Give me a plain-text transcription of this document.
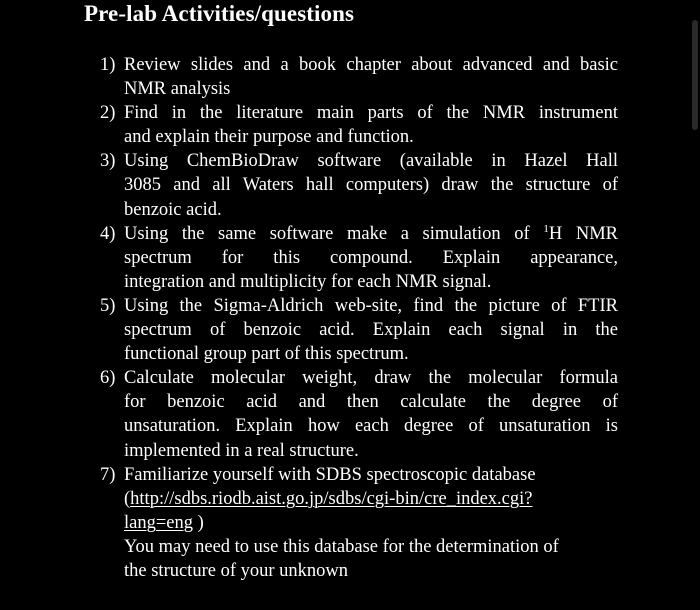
Pre-lab Activities/questions
1) Review slides and a book chapter about advanced and basic
NMR analysis
2) Find in the literature main parts of the NMR instrument
and explain their purpose and function.
3) Using ChemBioDraw software (available in Hazel Hall
3085 and all Waters hall computers) draw the structure of
benzoic acid.
4) Using the same software make a simulation of $^1$H NMR
spectrum for this compound. Explain appearance,
integration and multiplicity for each NMR signal.
5) Using the Sigma-Aldrich web-site, find the picture of FTIR
spectrum of benzoic acid. Explain each signal in the
functional group part of this spectrum.
6) Calculate molecular weight, draw the molecular formula
for benzoic acid and then calculate the degree of
unsaturation. Explain how each degree of unsaturation is
implemented in a real structure.
7) Familiarize yourself with SDBS spectroscopic database
(http://sdbs.riodb.aist.go.jp/sdbs/cgi-bin/cre_index.cgi?
lang=eng )
You may need to use this database for the determination of
the structure of your unknown
